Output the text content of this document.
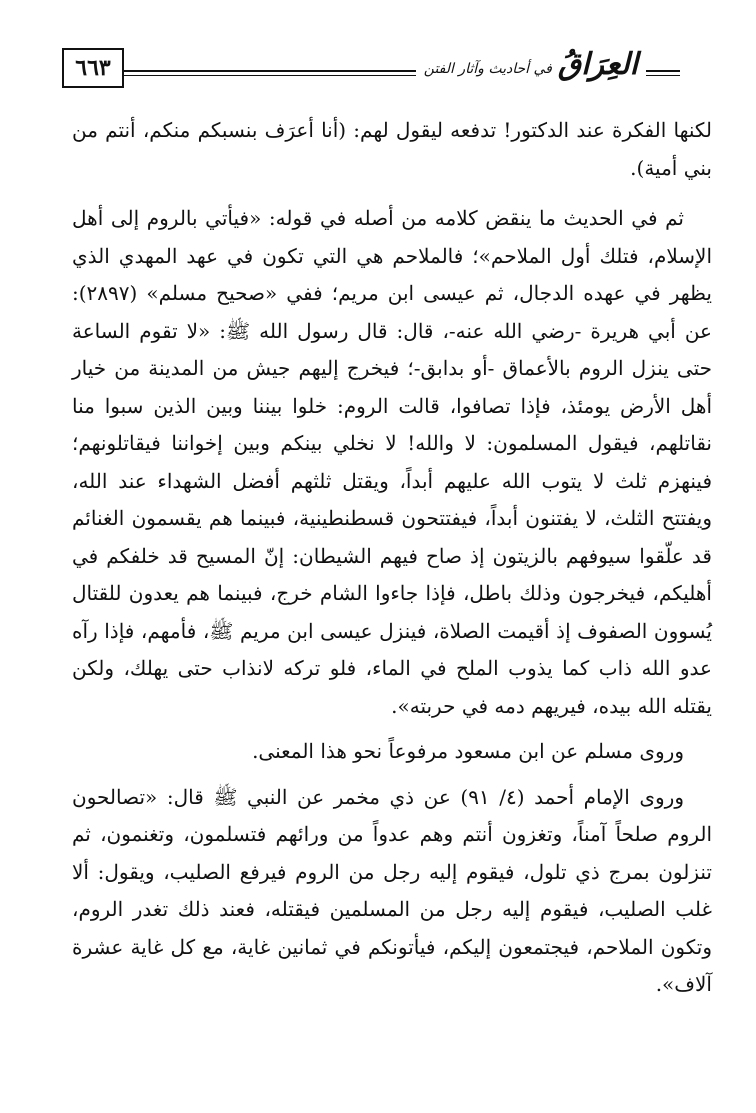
العِرَاقُ
في أحاديث وآثار الفتن
٦٦٣

لكنها الفكرة عند الدكتور! تدفعه ليقول لهم: (أنا أعرَف بنسبكم منكم، أنتم من بني أمية).

ثم في الحديث ما ينقض كلامه من أصله في قوله: «فيأتي بالروم إلى أهل الإسلام، فتلك أول الملاحم»؛ فالملاحم هي التي تكون في عهد المهدي الذي يظهر في عهده الدجال، ثم عيسى ابن مريم؛ ففي «صحيح مسلم» (٢٨٩٧): عن أبي هريرة -رضي الله عنه-، قال: قال رسول الله ﷺ: «لا تقوم الساعة حتى ينزل الروم بالأعماق -أو بدابق-؛ فيخرج إليهم جيش من المدينة من خيار أهل الأرض يومئذ، فإذا تصافوا، قالت الروم: خلوا بيننا وبين الذين سبوا منا نقاتلهم، فيقول المسلمون: لا والله! لا نخلي بينكم وبين إخواننا فيقاتلونهم؛ فينهزم ثلث لا يتوب الله عليهم أبداً، ويقتل ثلثهم أفضل الشهداء عند الله، ويفتتح الثلث، لا يفتنون أبداً، فيفتتحون قسطنطينية، فبينما هم يقسمون الغنائم قد علّقوا سيوفهم بالزيتون إذ صاح فيهم الشيطان: إنّ المسيح قد خلفكم في أهليكم، فيخرجون وذلك باطل، فإذا جاءوا الشام خرج، فبينما هم يعدون للقتال يُسوون الصفوف إذ أقيمت الصلاة، فينزل عيسى ابن مريم ﷺ، فأمهم، فإذا رآه عدو الله ذاب كما يذوب الملح في الماء، فلو تركه لانذاب حتى يهلك، ولكن يقتله الله بيده، فيريهم دمه في حربته».

وروى مسلم عن ابن مسعود مرفوعاً نحو هذا المعنى.

وروى الإمام أحمد (٤/ ٩١) عن ذي مخمر عن النبي ﷺ قال: «تصالحون الروم صلحاً آمناً، وتغزون أنتم وهم عدواً من ورائهم فتسلمون، وتغنمون، ثم تنزلون بمرج ذي تلول، فيقوم إليه رجل من الروم فيرفع الصليب، ويقول: ألا غلب الصليب، فيقوم إليه رجل من المسلمين فيقتله، فعند ذلك تغدر الروم، وتكون الملاحم، فيجتمعون إليكم، فيأتونكم في ثمانين غاية، مع كل غاية عشرة آلاف».
